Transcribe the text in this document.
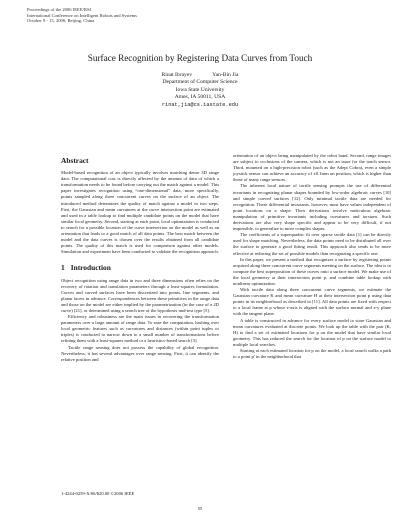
Proceedings of the 2006 IEEE/RSJ
International Conference on Intelligent Robots and Systems
October 9 - 15, 2006, Beijing, China
Surface Recognition by Registering Data Curves from Touch
Rinat Ibrayev	Yan-Bin Jia
Department of Computer Science
Iowa State University
Ames, IA 50011, USA
rinat,jia@cs.iastate.edu
Abstract

Model-based recognition of an object typically involves matching dense 3D range data. The computational cost is directly affected by the amount of data of which a transformation needs to be found before carrying out the match against a model. This paper investigates recognition using “one-dimensional” data, more specifically, points sampled along three concurrent curves on the surface of an object. The introduced method determines the quality of match against a model in two steps. First, the Gaussian and mean curvatures at the curve intersection point are estimated and used in a table lookup to find multiple candidate points on the model that have similar local geometry. Second, starting at each point, local optimization is conducted to search for a possible location of the curve intersection on the model as well as an orientation that leads to a good match of all data points. The best match between the model and the data curves is chosen over the results obtained from all candidate points. The quality of this match is used for comparison against other models. Simulation and experiment have been conducted to validate the recognition approach.

1 Introduction

Object recognition using range data in two and three dimensions often relies on the recovery of rotation and translation parameters through a least-squares formulation. Curves and curved surfaces have been discretized into points, line segments, and planar facets in advance. Correspondences between these primitives in the range data and those on the model are either implied by the parametrization (in the case of a 2D curve) [21], or determined using a search tree of the hypothesis-and-test type [5].

Efficiency and robustness are the main issues in recovering the transformation parameters over a large amount of range data. To ease the computation, hashing over local geometric features such as curvatures and distances (within point tuples or triples) is conducted to narrow down to a small number of transformations before refining them with a least-squares method or a heuristics-based search [3].

Tactile range sensing does not possess the capability of global recognition. Nevertheless, it has several advantages over range sensing. First, it can identify the relative position and

orientation of an object being manipulated by the robot hand. Second, range images are subject to occlusions of the camera, which is not an issue for the touch sensor. Third, mounted on a high-precision robot (such as the Adept Cobra), even a simple joystick sensor can achieve an accuracy of ±0.1mm on position, which is higher than those of many range sensors.

The inherent local nature of tactile sensing prompts the use of differential invariants in recognizing planar shapes bounded by low-order algebraic curves [10] and simple curved surfaces [12]. Only minimal tactile data are needed for recognition. These differential invariants, however, must have values independent of point locations on a shape. Their derivations involve meticulous algebraic manipulation of primitive invariants including curvatures and torsions. Such derivations are also very shape specific and appear to be very difficult, if not impossible, to generalize to more complex shapes.

The coefficients of a superquadric fit over sparse tactile data [1] can be directly used for shape matching. Nevertheless, the data points need to be distributed all over the surface to generate a good fitting result. This approach also tends to be more effective at reducing the set of possible models than recognizing a specific one.

In this paper, we present a method that recognizes a surface by registering points acquired along three concurrent curve segments meeting on the surface. The idea is to compute the best superposition of these curves onto a surface model. We make use of the local geometry at their intersection point p, and combine table lookup with nonlinear optimization.

With tactile data along three concurrent curve segments, we estimate the Gaussian curvature K and mean curvature H at their intersection point p using data points in its neighborhood as described in [11]. All data points are fixed with respect to a local frame at p whose z-axis is aligned with the surface normal and x-y plane with the tangent plane.

A table is constructed in advance for every surface model to store Gaussian and mean curvatures evaluated at discrete points. We look up the table with the pair (K, H) to find a set of estimated locations for p on the model that have similar local geometry. This has reduced the search for the location of p on the surface model to multiple local searches.

Starting at each estimated location for p on the model, a local search walks a path to a point p′ in the neighborhood that

1-4244-0259-X/06/$20.00 ©2006 IEEE
55
